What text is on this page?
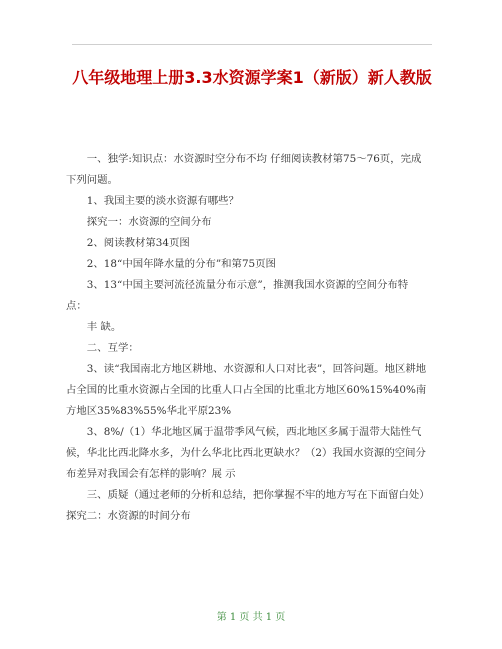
八年级地理上册3.3水资源学案1（新版）新人教版

一、独学:知识点：水资源时空分布不均 仔细阅读教材第75～76页，完成下列问题。

1、我国主要的淡水资源有哪些？

探究一：水资源的空间分布

2、阅读教材第34页图

2、18“中国年降水量的分布”和第75页图

3、13“中国主要河流径流量分布示意”，推测我国水资源的空间分布特点：

丰 缺。

二、互学：

3、读“我国南北方地区耕地、水资源和人口对比表”，回答问题。地区耕地占全国的比重水资源占全国的比重人口占全国的比重北方地区60%15%40%南方地区35%83%55%华北平原23%

3、8%/（1）华北地区属于温带季风气候，西北地区多属于温带大陆性气候，华北比西北降水多，为什么华北比西北更缺水？（2）我国水资源的空间分布差异对我国会有怎样的影响？展 示

三、质疑（通过老师的分析和总结，把你掌握不牢的地方写在下面留白处）探究二：水资源的时间分布

第 1 页 共 1 页
